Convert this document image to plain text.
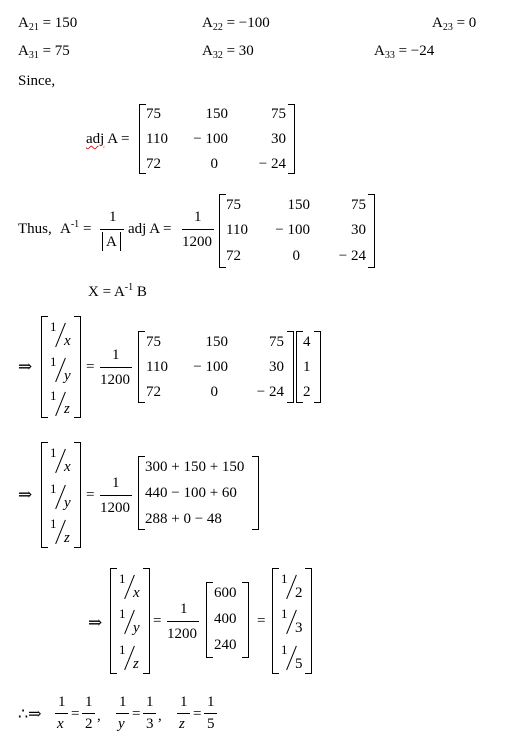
$A_{21} = 150$	$A_{22} = -100$	$A_{23} = 0$
$A_{31} = 75$	$A_{32} = 30$	$A_{33} = -24$
Since,
adj A =
75	150	75
110	− 100	30
72	0	− 24
Thus, $A^{-1}$ =
1
A
adj A =
1
1200
75	150	75
110	− 100	30
72	0	− 24
$X = A^{-1}$ B
⇒
1
x
1
y
1
z
=
1
1200
75	150	75
110	− 100	30
72	0	− 24
4
1
2
⇒
1
x
1
y
1
z
=
1
1200
300 + 150 + 150
440 − 100 + 60
288 + 0 − 48
⇒
1
x
1
y
1
z
=
1
1200
600
400
240
=
1
2
1
3
1
5
∴⇒
1
x
=
1
2 ,
1
y
=
1
3 ,
1
z
=
1
5
